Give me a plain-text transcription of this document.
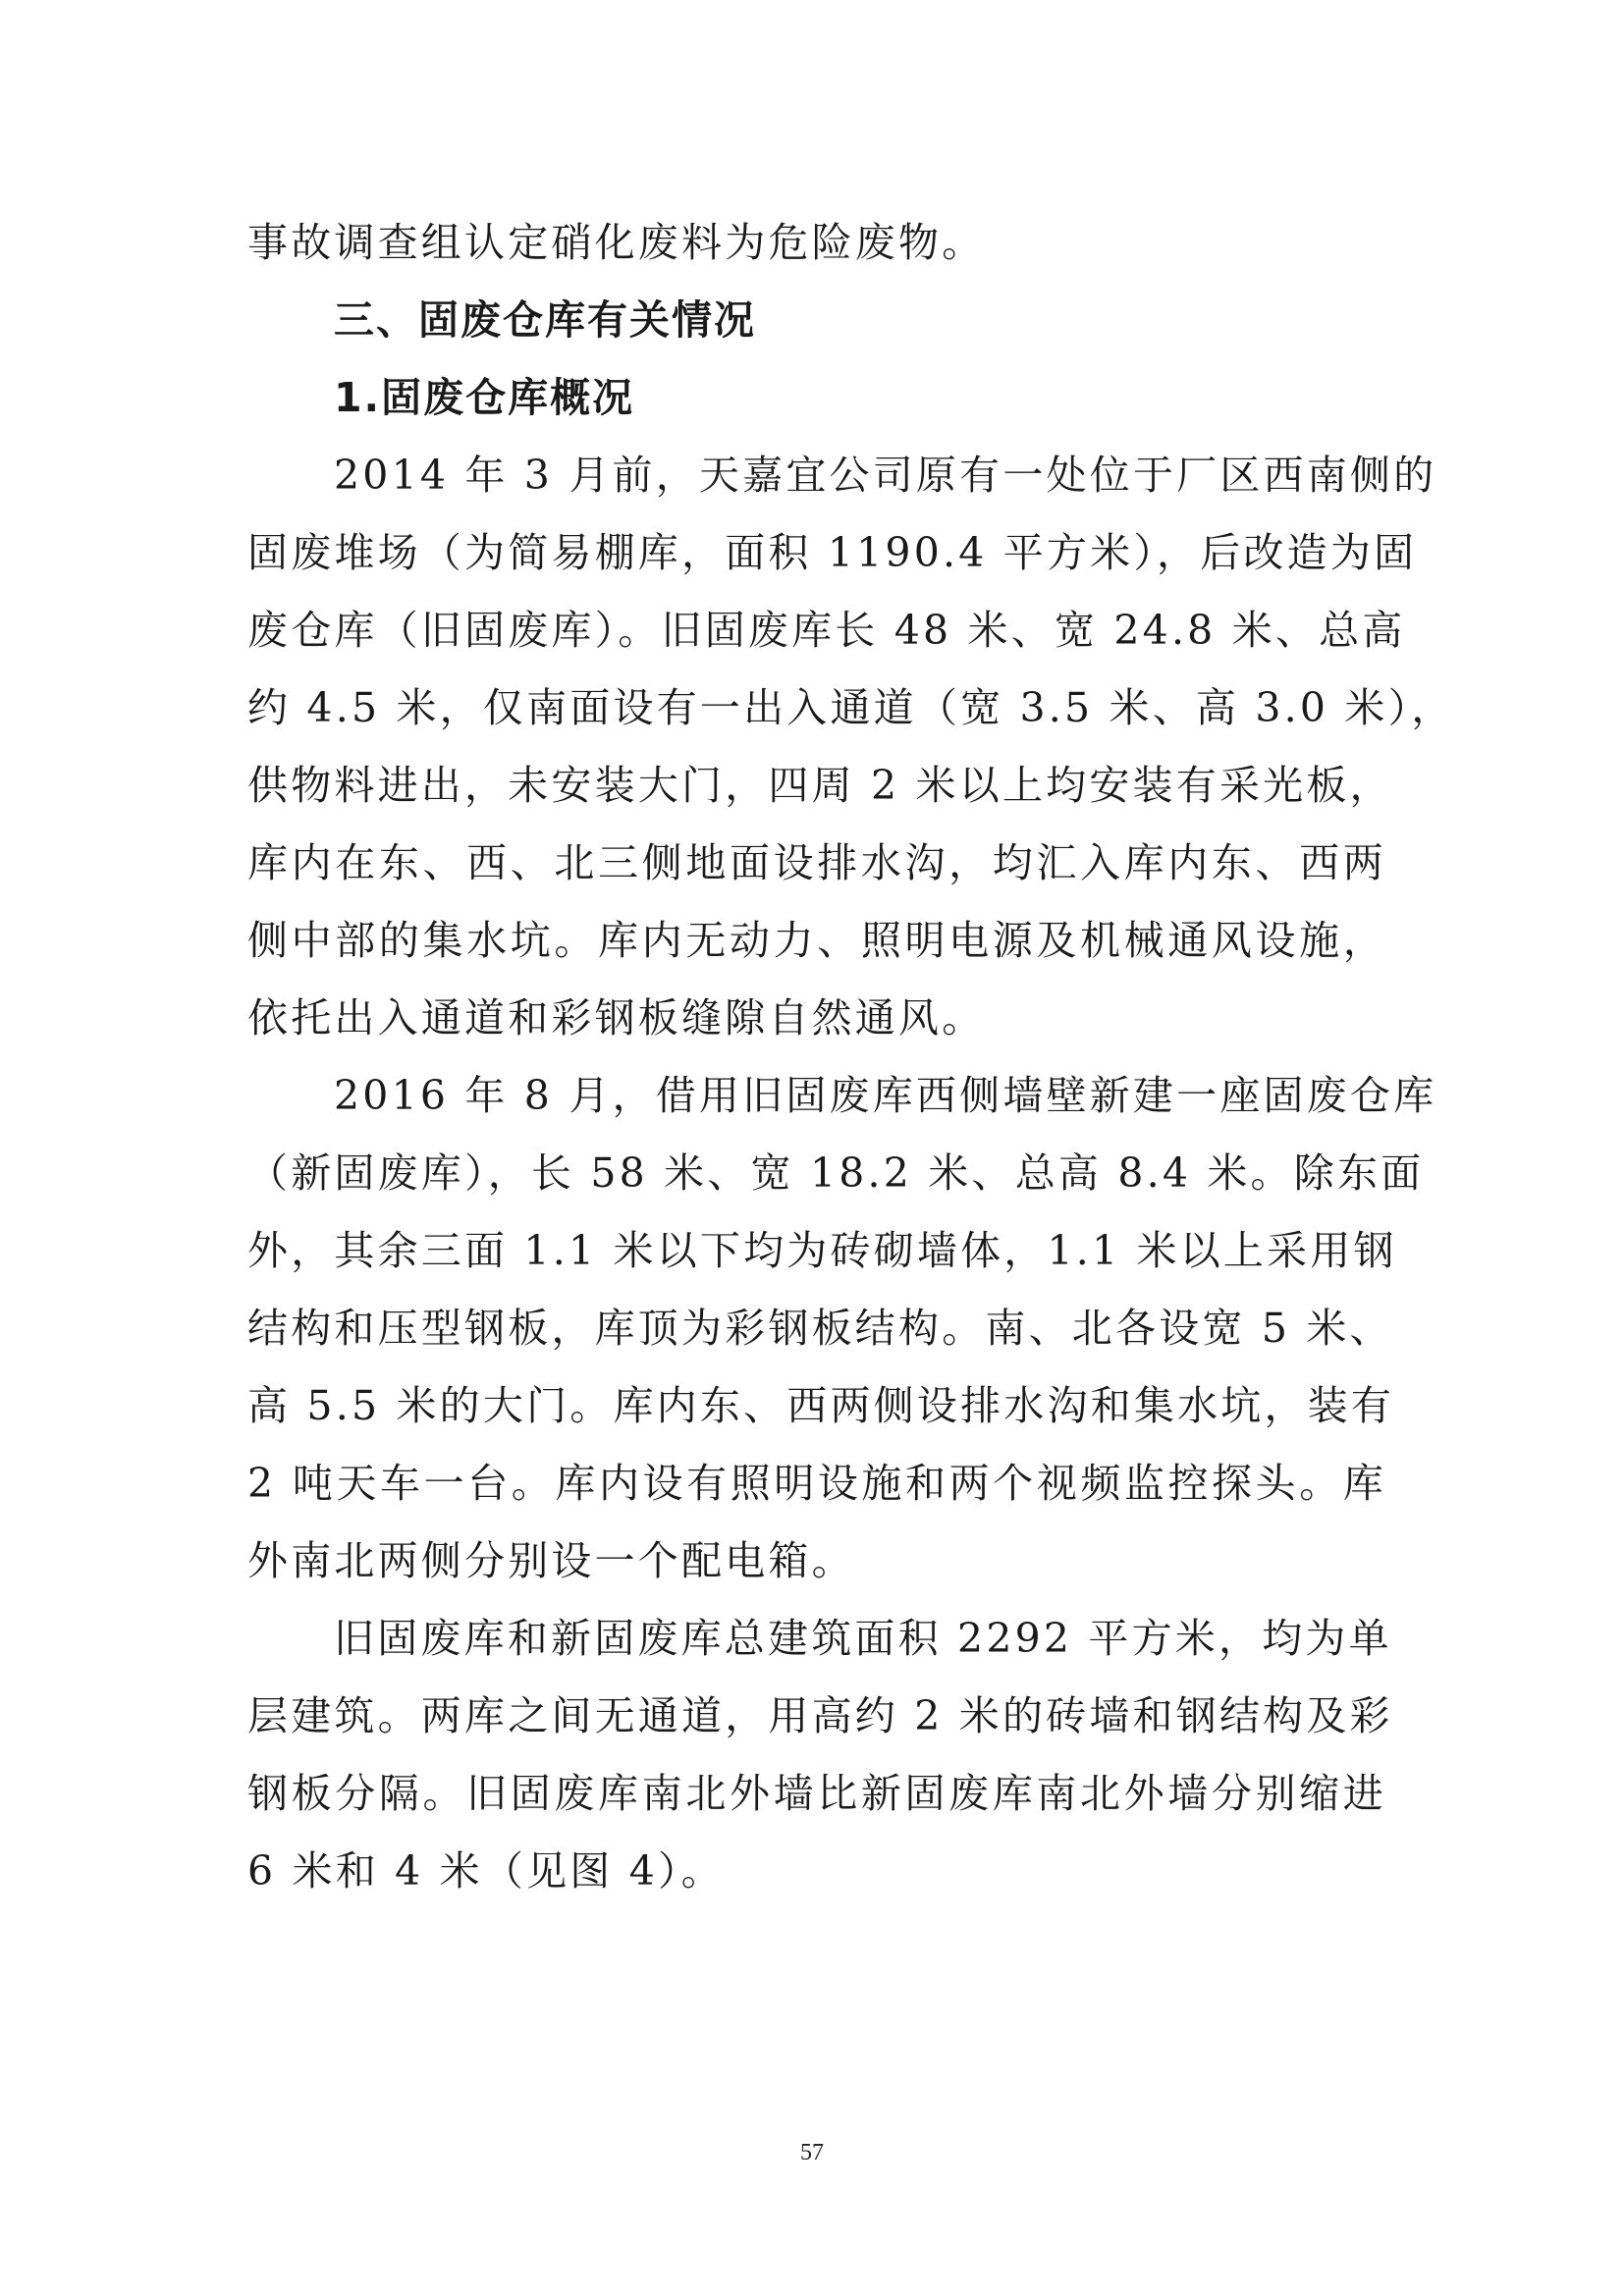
事故调查组认定硝化废料为危险废物。
三、固废仓库有关情况
1.固废仓库概况
2014 年 3 月前，天嘉宜公司原有一处位于厂区西南侧的
固废堆场（为简易棚库，面积 1190.4 平方米），后改造为固
废仓库（旧固废库）。旧固废库长 48 米、宽 24.8 米、总高
约 4.5 米，仅南面设有一出入通道（宽 3.5 米、高 3.0 米），
供物料进出，未安装大门，四周 2 米以上均安装有采光板，
库内在东、西、北三侧地面设排水沟，均汇入库内东、西两
侧中部的集水坑。库内无动力、照明电源及机械通风设施，
依托出入通道和彩钢板缝隙自然通风。
2016 年 8 月，借用旧固废库西侧墙壁新建一座固废仓库
（新固废库），长 58 米、宽 18.2 米、总高 8.4 米。除东面
外，其余三面 1.1 米以下均为砖砌墙体，1.1 米以上采用钢
结构和压型钢板，库顶为彩钢板结构。南、北各设宽 5 米、
高 5.5 米的大门。库内东、西两侧设排水沟和集水坑，装有
2 吨天车一台。库内设有照明设施和两个视频监控探头。库
外南北两侧分别设一个配电箱。
旧固废库和新固废库总建筑面积 2292 平方米，均为单
层建筑。两库之间无通道，用高约 2 米的砖墙和钢结构及彩
钢板分隔。旧固废库南北外墙比新固废库南北外墙分别缩进
6 米和 4 米（见图 4）。
57
